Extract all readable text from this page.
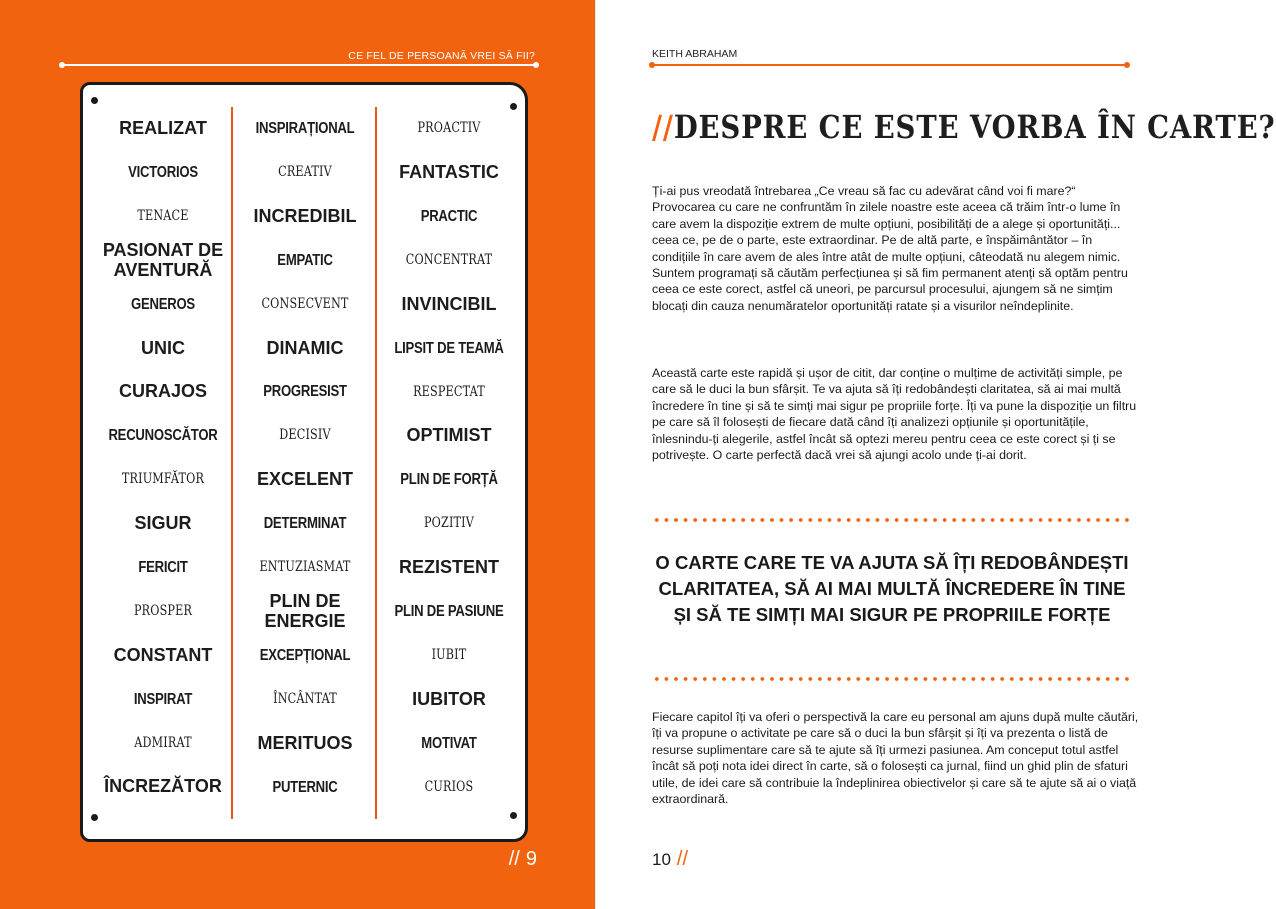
CE FEL DE PERSOANĂ VREI SĂ FII?
REALIZAT
VICTORIOS
TENACE
PASIONAT DE AVENTURĂ
GENEROS
UNIC
CURAJOS
RECUNOSCĂTOR
TRIUMFĂTOR
SIGUR
FERICIT
PROSPER
CONSTANT
INSPIRAT
ADMIRAT
ÎNCREZĂTOR
INSPIRAȚIONAL
CREATIV
INCREDIBIL
EMPATIC
CONSECVENT
DINAMIC
PROGRESIST
DECISIV
EXCELENT
DETERMINAT
ENTUZIASMAT
PLIN DE ENERGIE
EXCEPȚIONAL
ÎNCÂNTAT
MERITUOS
PUTERNIC
PROACTIV
FANTASTIC
PRACTIC
CONCENTRAT
INVINCIBIL
LIPSIT DE TEAMĂ
RESPECTAT
OPTIMIST
PLIN DE FORȚĂ
POZITIV
REZISTENT
PLIN DE PASIUNE
IUBIT
IUBITOR
MOTIVAT
CURIOS
// 9
KEITH ABRAHAM
//DESPRE CE ESTE VORBA ÎN CARTE?
Ți-ai pus vreodată întrebarea „Ce vreau să fac cu adevărat când voi fi mare?“ Provocarea cu care ne confruntăm în zilele noastre este aceea că trăim într-o lume în care avem la dispoziție extrem de multe opțiuni, posibilități de a alege și oportunități... ceea ce, pe de o parte, este extraordinar. Pe de altă parte, e înspăimântător – în condițiile în care avem de ales între atât de multe opțiuni, câteodată nu alegem nimic. Suntem programați să căutăm perfecțiunea și să fim permanent atenți să optăm pentru ceea ce este corect, astfel că uneori, pe parcursul procesului, ajungem să ne simțim blocați din cauza nenumăratelor oportunități ratate și a visurilor neîndeplinite.
Această carte este rapidă și ușor de citit, dar conține o mulțime de activități simple, pe care să le duci la bun sfârșit. Te va ajuta să îți redobândești claritatea, să ai mai multă încredere în tine și să te simți mai sigur pe propriile forțe. Îți va pune la dispoziție un filtru pe care să îl folosești de fiecare dată când îți analizezi opțiunile și oportunitățile, înlesnindu-ți alegerile, astfel încât să optezi mereu pentru ceea ce este corect și ți se potrivește. O carte perfectă dacă vrei să ajungi acolo unde ți-ai dorit.
O CARTE CARE TE VA AJUTA SĂ ÎȚI REDOBÂNDEȘTI CLARITATEA, SĂ AI MAI MULTĂ ÎNCREDERE ÎN TINE ȘI SĂ TE SIMȚI MAI SIGUR PE PROPRIILE FORȚE
Fiecare capitol îți va oferi o perspectivă la care eu personal am ajuns după multe căutări, îți va propune o activitate pe care să o duci la bun sfârșit și îți va prezenta o listă de resurse suplimentare care să te ajute să îți urmezi pasiunea. Am conceput totul astfel încât să poți nota idei direct în carte, să o folosești ca jurnal, fiind un ghid plin de sfaturi utile, de idei care să contribuie la îndeplinirea obiectivelor și care să te ajute să ai o viață extraordinară.
10 //
